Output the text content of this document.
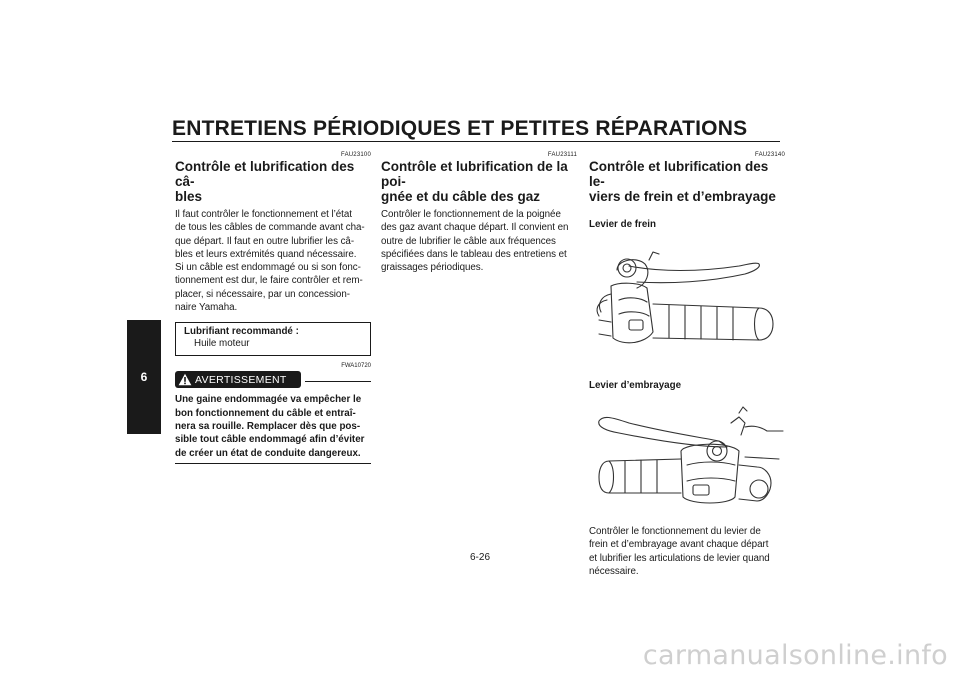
ENTRETIENS PÉRIODIQUES ET PETITES RÉPARATIONS
6
FAU23100
Contrôle et lubrification des câ-
bles
Il faut contrôler le fonctionnement et l’état
de tous les câbles de commande avant cha-
que départ. Il faut en outre lubrifier les câ-
bles et leurs extrémités quand nécessaire.
Si un câble est endommagé ou si son fonc-
tionnement est dur, le faire contrôler et rem-
placer, si nécessaire, par un concession-
naire Yamaha.
Lubrifiant recommandé :
Huile moteur
FWA10720
AVERTISSEMENT
Une gaine endommagée va empêcher le
bon fonctionnement du câble et entraî-
nera sa rouille. Remplacer dès que pos-
sible tout câble endommagé afin d’éviter
de créer un état de conduite dangereux.
FAU23111
Contrôle et lubrification de la poi-
gnée et du câble des gaz
Contrôler le fonctionnement de la poignée
des gaz avant chaque départ. Il convient en
outre de lubrifier le câble aux fréquences
spécifiées dans le tableau des entretiens et
graissages périodiques.
FAU23140
Contrôle et lubrification des le-
viers de frein et d’embrayage
Levier de frein
Levier d’embrayage
Contrôler le fonctionnement du levier de
frein et d’embrayage avant chaque départ
et lubrifier les articulations de levier quand
nécessaire.
6-26
carmanualsonline.info
